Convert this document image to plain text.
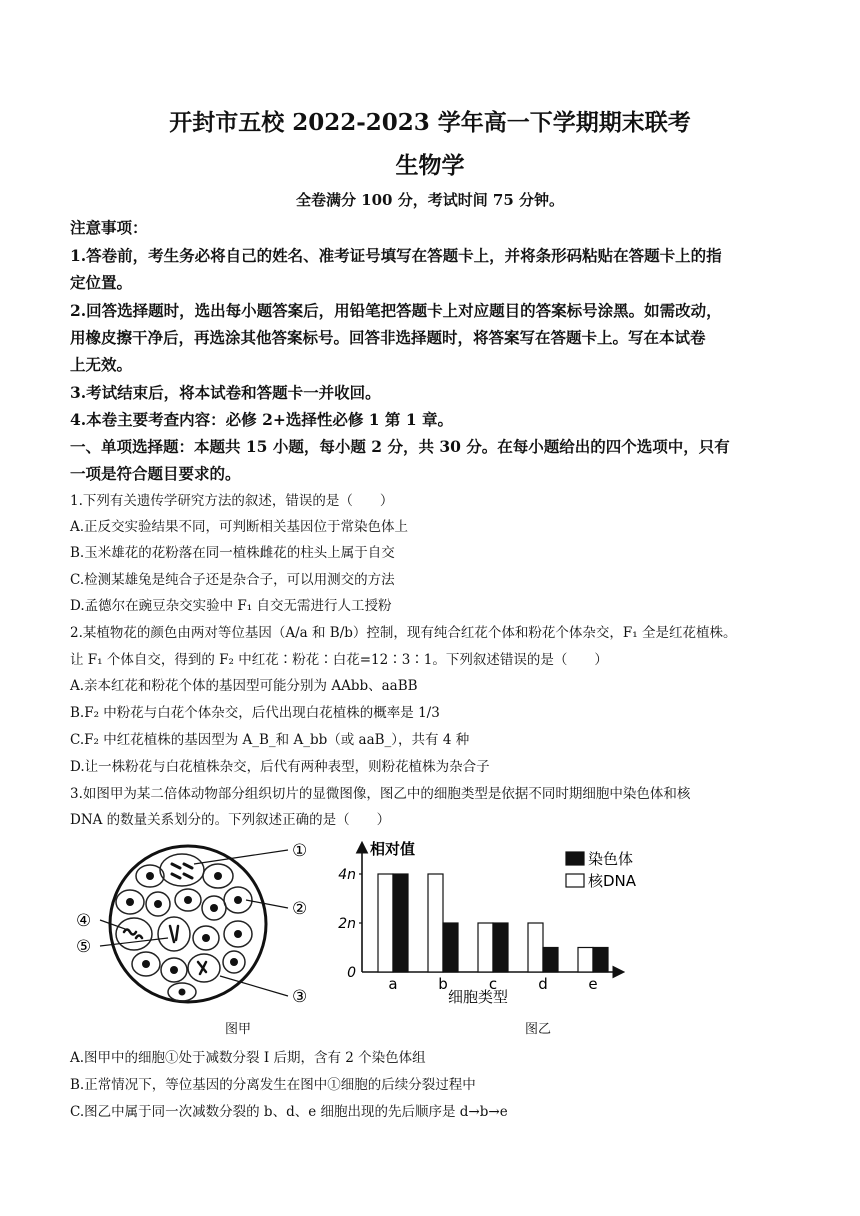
开封市五校 2022-2023 学年高一下学期期末联考
生物学
全卷满分 100 分，考试时间 75 分钟。
注意事项：
1.答卷前，考生务必将自己的姓名、准考证号填写在答题卡上，并将条形码粘贴在答题卡上的指
定位置。
2.回答选择题时，选出每小题答案后，用铅笔把答题卡上对应题目的答案标号涂黑。如需改动，
用橡皮擦干净后，再选涂其他答案标号。回答非选择题时，将答案写在答题卡上。写在本试卷
上无效。
3.考试结束后，将本试卷和答题卡一并收回。
4.本卷主要考查内容：必修 2+选择性必修 1 第 1 章。
一、单项选择题：本题共 15 小题，每小题 2 分，共 30 分。在每小题给出的四个选项中，只有
一项是符合题目要求的。
1.下列有关遗传学研究方法的叙述，错误的是（　　）
A.正反交实验结果不同，可判断相关基因位于常染色体上
B.玉米雄花的花粉落在同一植株雌花的柱头上属于自交
C.检测某雄兔是纯合子还是杂合子，可以用测交的方法
D.孟德尔在豌豆杂交实验中 F₁ 自交无需进行人工授粉
2.某植物花的颜色由两对等位基因（A/a 和 B/b）控制，现有纯合红花个体和粉花个体杂交，F₁ 全是红花植株。
让 F₁ 个体自交，得到的 F₂ 中红花∶粉花∶白花=12∶3∶1。下列叙述错误的是（　　）
A.亲本红花和粉花个体的基因型可能分别为 AAbb、aaBB
B.F₂ 中粉花与白花个体杂交，后代出现白花植株的概率是 1/3
C.F₂ 中红花植株的基因型为 A_B_和 A_bb（或 aaB_），共有 4 种
D.让一株粉花与白花植株杂交，后代有两种表型，则粉花植株为杂合子
3.如图甲为某二倍体动物部分组织切片的显微图像，图乙中的细胞类型是依据不同时期细胞中染色体和核
DNA 的数量关系划分的。下列叙述正确的是（　　）
①
②
③
④
⑤
图甲
相对值
细胞类型
0
2n
4n
a	b	c	d	e
染色体
核DNA
图乙
A.图甲中的细胞①处于减数分裂 I 后期，含有 2 个染色体组
B.正常情况下，等位基因的分离发生在图中①细胞的后续分裂过程中
C.图乙中属于同一次减数分裂的 b、d、e 细胞出现的先后顺序是 d→b→e
